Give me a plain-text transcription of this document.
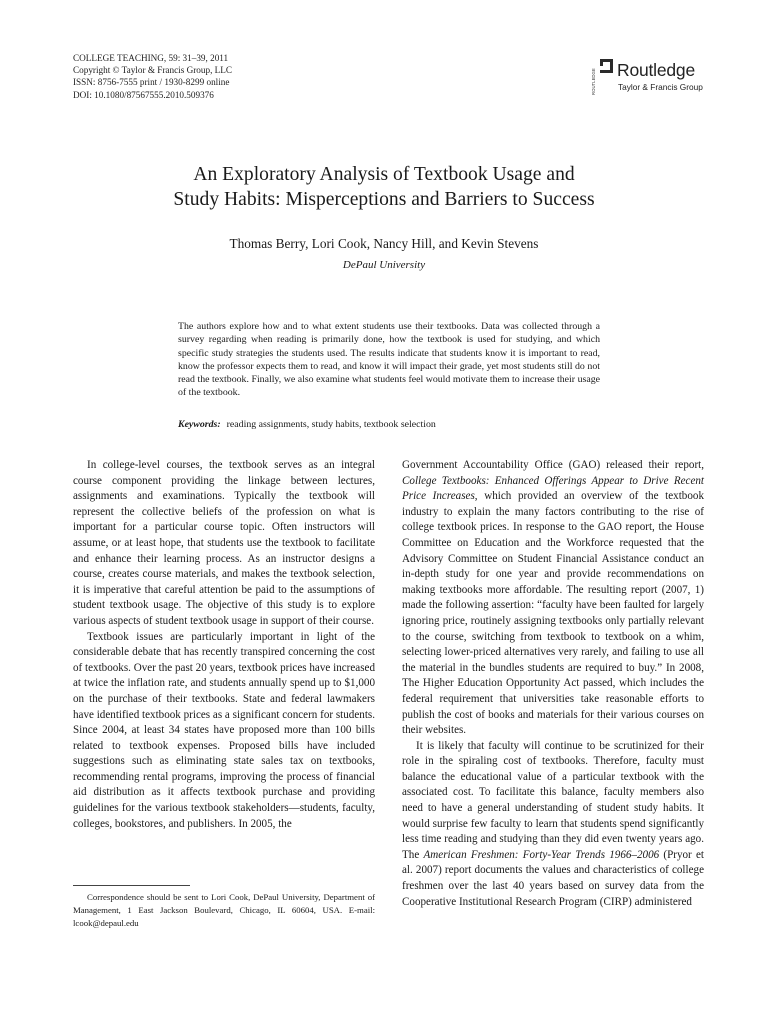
COLLEGE TEACHING, 59: 31–39, 2011
Copyright © Taylor & Francis Group, LLC
ISSN: 8756-7555 print / 1930-8299 online
DOI: 10.1080/87567555.2010.509376	ROUTLEDGE Routledge
Taylor & Francis Group
An Exploratory Analysis of Textbook Usage and
Study Habits: Misperceptions and Barriers to Success
Thomas Berry, Lori Cook, Nancy Hill, and Kevin Stevens
DePaul University

The authors explore how and to what extent students use their textbooks. Data was collected through a survey regarding when reading is primarily done, how the textbook is used for studying, and which specific study strategies the students used. The results indicate that students know it is important to read, know the professor expects them to read, and know it will impact their grade, yet most students still do not read the textbook. Finally, we also examine what students feel would motivate them to increase their usage of the textbook.

Keywords: reading assignments, study habits, textbook selection

In college-level courses, the textbook serves as an integral course component providing the linkage between lectures, assignments and examinations. Typically the textbook will represent the collective beliefs of the profession on what is important for a particular course topic. Often instructors will assume, or at least hope, that students use the textbook to facilitate and enhance their learning process. As an instructor designs a course, creates course materials, and makes the textbook selection, it is imperative that careful attention be paid to the assumptions of student textbook usage. The objective of this study is to explore various aspects of student textbook usage in support of their course.

Textbook issues are particularly important in light of the considerable debate that has recently transpired concerning the cost of textbooks. Over the past 20 years, textbook prices have increased at twice the inflation rate, and students annually spend up to $1,000 on the purchase of their textbooks. State and federal lawmakers have identified textbook prices as a significant concern for students. Since 2004, at least 34 states have proposed more than 100 bills related to textbook expenses. Proposed bills have included suggestions such as eliminating state sales tax on textbooks, recommending rental programs, improving the process of financial aid distribution as it affects textbook purchase and providing guidelines for the various textbook stakeholders—students, faculty, colleges, bookstores, and publishers. In 2005, the

Government Accountability Office (GAO) released their report, College Textbooks: Enhanced Offerings Appear to Drive Recent Price Increases, which provided an overview of the textbook industry to explain the many factors contributing to the rise of college textbook prices. In response to the GAO report, the House Committee on Education and the Workforce requested that the Advisory Committee on Student Financial Assistance conduct an in-depth study for one year and provide recommendations on making textbooks more affordable. The resulting report (2007, 1) made the following assertion: “faculty have been faulted for largely ignoring price, routinely assigning textbooks only partially relevant to the course, switching from textbook to textbook on a whim, selecting lower-priced alternatives very rarely, and failing to use all the material in the bundles students are required to buy.” In 2008, The Higher Education Opportunity Act passed, which includes the federal requirement that universities take reasonable efforts to publish the cost of books and materials for their various courses on their websites.

It is likely that faculty will continue to be scrutinized for their role in the spiraling cost of textbooks. Therefore, faculty must balance the educational value of a particular textbook with the associated cost. To facilitate this balance, faculty members also need to have a general understanding of student study habits. It would surprise few faculty to learn that students spend significantly less time reading and studying than they did even twenty years ago. The American Freshmen: Forty-Year Trends 1966–2006 (Pryor et al. 2007) report documents the values and characteristics of college freshmen over the last 40 years based on survey data from the Cooperative Institutional Research Program (CIRP) administered

Correspondence should be sent to Lori Cook, DePaul University, Department of Management, 1 East Jackson Boulevard, Chicago, IL 60604, USA. E-mail: lcook@depaul.edu
